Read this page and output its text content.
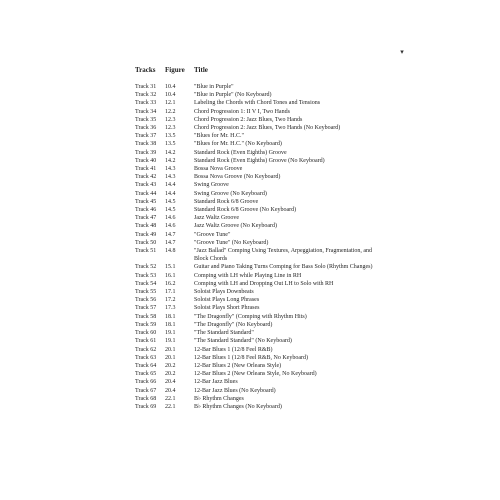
▾
Tracks	Figure	Title
Track 31	10.4	"Blue in Purple"
Track 32	10.4	"Blue in Purple" (No Keyboard)
Track 33	12.1	Labeling the Chords with Chord Tones and Tensions
Track 34	12.2	Chord Progression 1: II V I, Two Hands
Track 35	12.3	Chord Progression 2: Jazz Blues, Two Hands
Track 36	12.3	Chord Progression 2: Jazz Blues, Two Hands (No Keyboard)
Track 37	13.5	"Blues for Mr. H.C."
Track 38	13.5	"Blues for Mr. H.C." (No Keyboard)
Track 39	14.2	Standard Rock (Even Eighths) Groove
Track 40	14.2	Standard Rock (Even Eighths) Groove (No Keyboard)
Track 41	14.3	Bossa Nova Groove
Track 42	14.3	Bossa Nova Groove (No Keyboard)
Track 43	14.4	Swing Groove
Track 44	14.4	Swing Groove (No Keyboard)
Track 45	14.5	Standard Rock 6/8 Groove
Track 46	14.5	Standard Rock 6/8 Groove (No Keyboard)
Track 47	14.6	Jazz Waltz Groove
Track 48	14.6	Jazz Waltz Groove (No Keyboard)
Track 49	14.7	"Groove Tune"
Track 50	14.7	"Groove Tune" (No Keyboard)
Track 51	14.8	"Jazz Ballad" Comping Using Textures, Arpeggiation, Fragmentation, and Block Chords
Track 52	15.1	Guitar and Piano Taking Turns Comping for Bass Solo (Rhythm Changes)
Track 53	16.1	Comping with LH while Playing Line in RH
Track 54	16.2	Comping with LH and Dropping Out LH to Solo with RH
Track 55	17.1	Soloist Plays Downbeats
Track 56	17.2	Soloist Plays Long Phrases
Track 57	17.3	Soloist Plays Short Phrases
Track 58	18.1	"The Dragonfly" (Comping with Rhythm Hits)
Track 59	18.1	"The Dragonfly" (No Keyboard)
Track 60	19.1	"The Standard Standard"
Track 61	19.1	"The Standard Standard" (No Keyboard)
Track 62	20.1	12-Bar Blues 1 (12/8 Feel R&B)
Track 63	20.1	12-Bar Blues 1 (12/8 Feel R&B, No Keyboard)
Track 64	20.2	12-Bar Blues 2 (New Orleans Style)
Track 65	20.2	12-Bar Blues 2 (New Orleans Style, No Keyboard)
Track 66	20.4	12-Bar Jazz Blues
Track 67	20.4	12-Bar Jazz Blues (No Keyboard)
Track 68	22.1	B♭ Rhythm Changes
Track 69	22.1	B♭ Rhythm Changes (No Keyboard)
